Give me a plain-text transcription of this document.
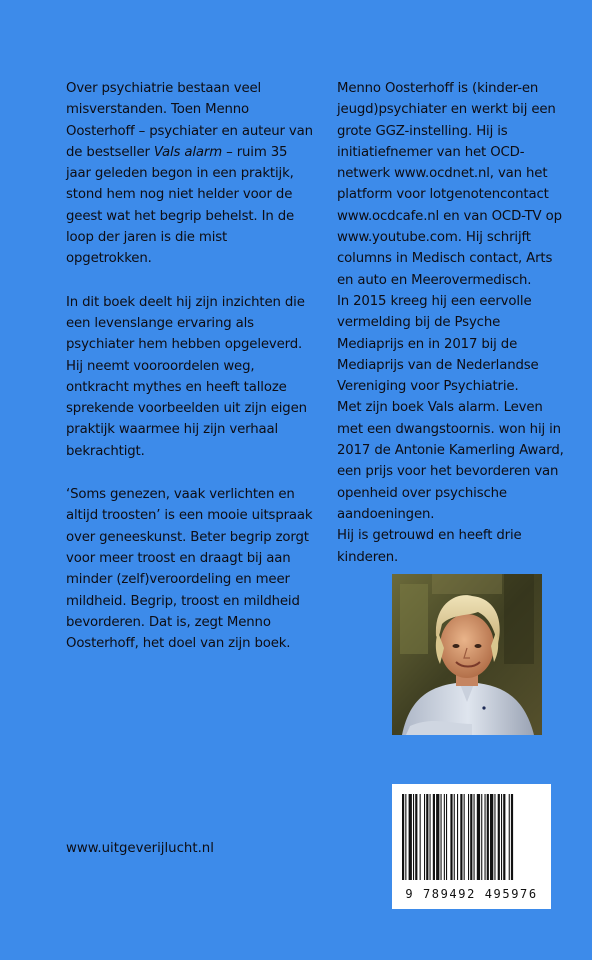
Over psychiatrie bestaan veel misverstanden. Toen Menno Oosterhoff – psychiater en auteur van de bestseller Vals alarm – ruim 35 jaar geleden begon in een praktijk, stond hem nog niet helder voor de geest wat het begrip behelst. In de loop der jaren is die mist opgetrokken.

In dit boek deelt hij zijn inzichten die een levenslange ervaring als psychiater hem hebben opgeleverd. Hij neemt vooroordelen weg, ontkracht mythes en heeft talloze sprekende voorbeelden uit zijn eigen praktijk waarmee hij zijn verhaal bekrachtigt.

‘Soms genezen, vaak verlichten en altijd troosten’ is een mooie uitspraak over geneeskunst. Beter begrip zorgt voor meer troost en draagt bij aan minder (zelf)veroordeling en meer mildheid. Begrip, troost en mildheid bevorderen. Dat is, zegt Menno Oosterhoff, het doel van zijn boek.

Menno Oosterhoff is (kinder-en jeugd)psychiater en werkt bij een grote GGZ-instelling. Hij is initiatiefnemer van het OCD-netwerk www.ocdnet.nl, van het platform voor lotgenotencontact www.ocdcafe.nl en van OCD-TV op www.youtube.com. Hij schrijft columns in Medisch contact, Arts en auto en Meerovermedisch.

In 2015 kreeg hij een eervolle vermelding bij de Psyche Mediaprijs en in 2017 bij de Mediaprijs van de Nederlandse Vereniging voor Psychiatrie.

Met zijn boek Vals alarm. Leven met een dwangstoornis. won hij in 2017 de Antonie Kamerling Award, een prijs voor het bevorderen van openheid over psychische aandoeningen.

Hij is getrouwd en heeft drie kinderen.

9 789492 495976
www.uitgeverijlucht.nl
